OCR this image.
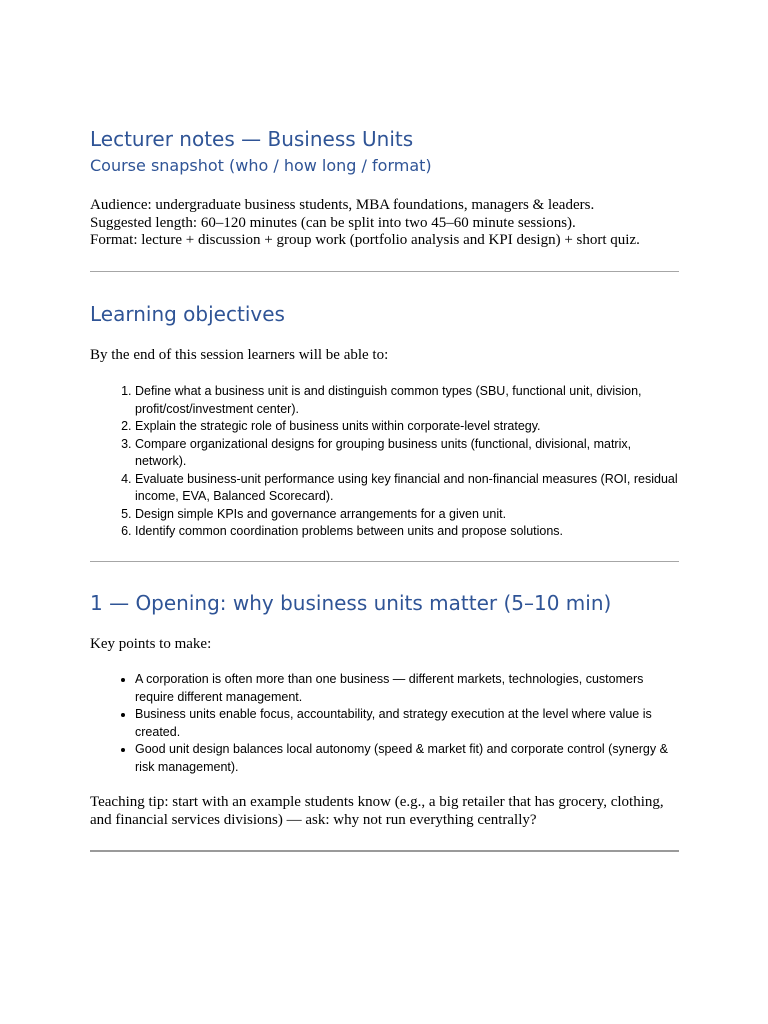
Lecturer notes — Business Units
Course snapshot (who / how long / format)
Audience: undergraduate business students, MBA foundations, managers & leaders.
Suggested length: 60–120 minutes (can be split into two 45–60 minute sessions).
Format: lecture + discussion + group work (portfolio analysis and KPI design) + short quiz.
Learning objectives

By the end of this session learners will be able to:

1. Define what a business unit is and distinguish common types (SBU, functional unit, division, profit/cost/investment center).
2. Explain the strategic role of business units within corporate-level strategy.
3. Compare organizational designs for grouping business units (functional, divisional, matrix, network).
4. Evaluate business-unit performance using key financial and non-financial measures (ROI, residual income, EVA, Balanced Scorecard).
5. Design simple KPIs and governance arrangements for a given unit.
6. Identify common coordination problems between units and propose solutions.
1 — Opening: why business units matter (5–10 min)

Key points to make:

• A corporation is often more than one business — different markets, technologies, customers require different management.
• Business units enable focus, accountability, and strategy execution at the level where value is created.
• Good unit design balances local autonomy (speed & market fit) and corporate control (synergy & risk management).
Teaching tip: start with an example students know (e.g., a big retailer that has grocery, clothing,
and financial services divisions) — ask: why not run everything centrally?
